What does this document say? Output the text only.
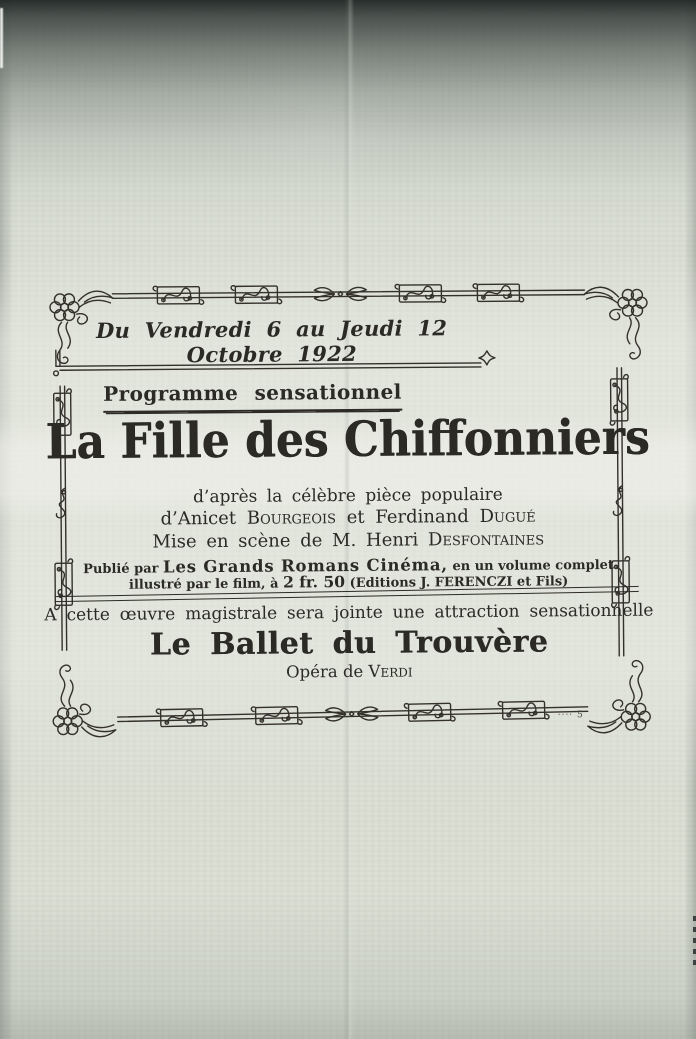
Du Vendredi 6 au Jeudi 12 Octobre 1922
Programme sensationnel
La Fille des Chiffonniers
d’après la célèbre pièce populaire
d’Anicet Bourgeois et Ferdinand Dugué
Mise en scène de M. Henri Desfontaines
Publié par Les Grands Romans Cinéma, en un volume complet
illustré par le film, à 2 fr. 50 (Editions J. FERENCZI et Fils)
A cette œuvre magistrale sera jointe une attraction sensationnelle
Le Ballet du Trouvère
Opéra de Verdi
···· 5
